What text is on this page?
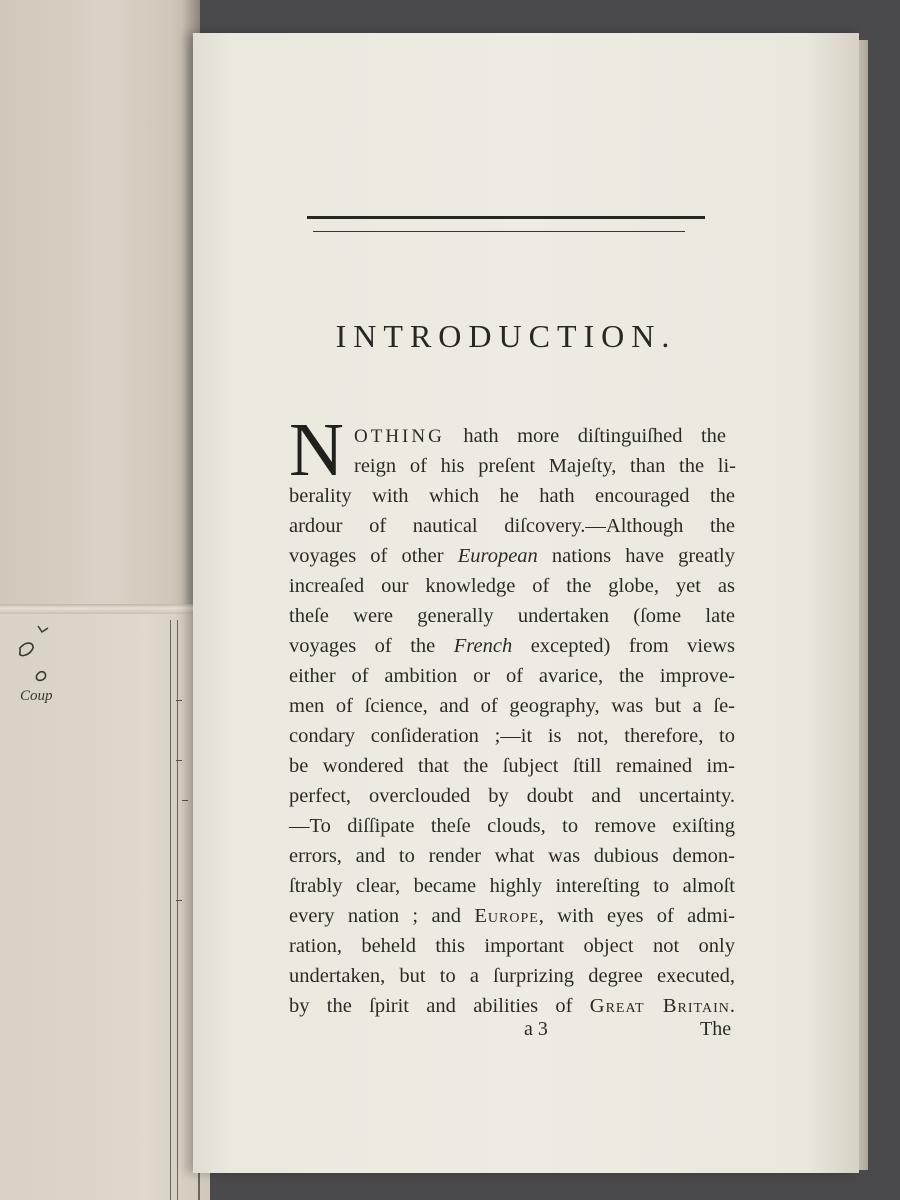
Coup
INTRODUCTION.
N OTHING hath more diſtinguiſhed the

reign of his preſent Majeſty, than the li-

berality with which he hath encouraged the

ardour of nautical diſcovery.—Although the

voyages of other European nations have greatly

increaſed our knowledge of the globe, yet as

theſe were generally undertaken (ſome late

voyages of the French excepted) from views

either of ambition or of avarice, the improve-

men of ſcience, and of geography, was but a ſe-

condary conſideration ;—it is not, therefore, to

be wondered that the ſubject ſtill remained im-

perfect, overclouded by doubt and uncertainty.

—To diſſipate theſe clouds, to remove exiſting

errors, and to render what was dubious demon-

ſtrably clear, became highly intereſting to almoſt

every nation ; and Europe, with eyes of admi-

ration, beheld this important object not only

undertaken, but to a ſurprizing degree executed,

by the ſpirit and abilities of Great Britain.

a 3	The
